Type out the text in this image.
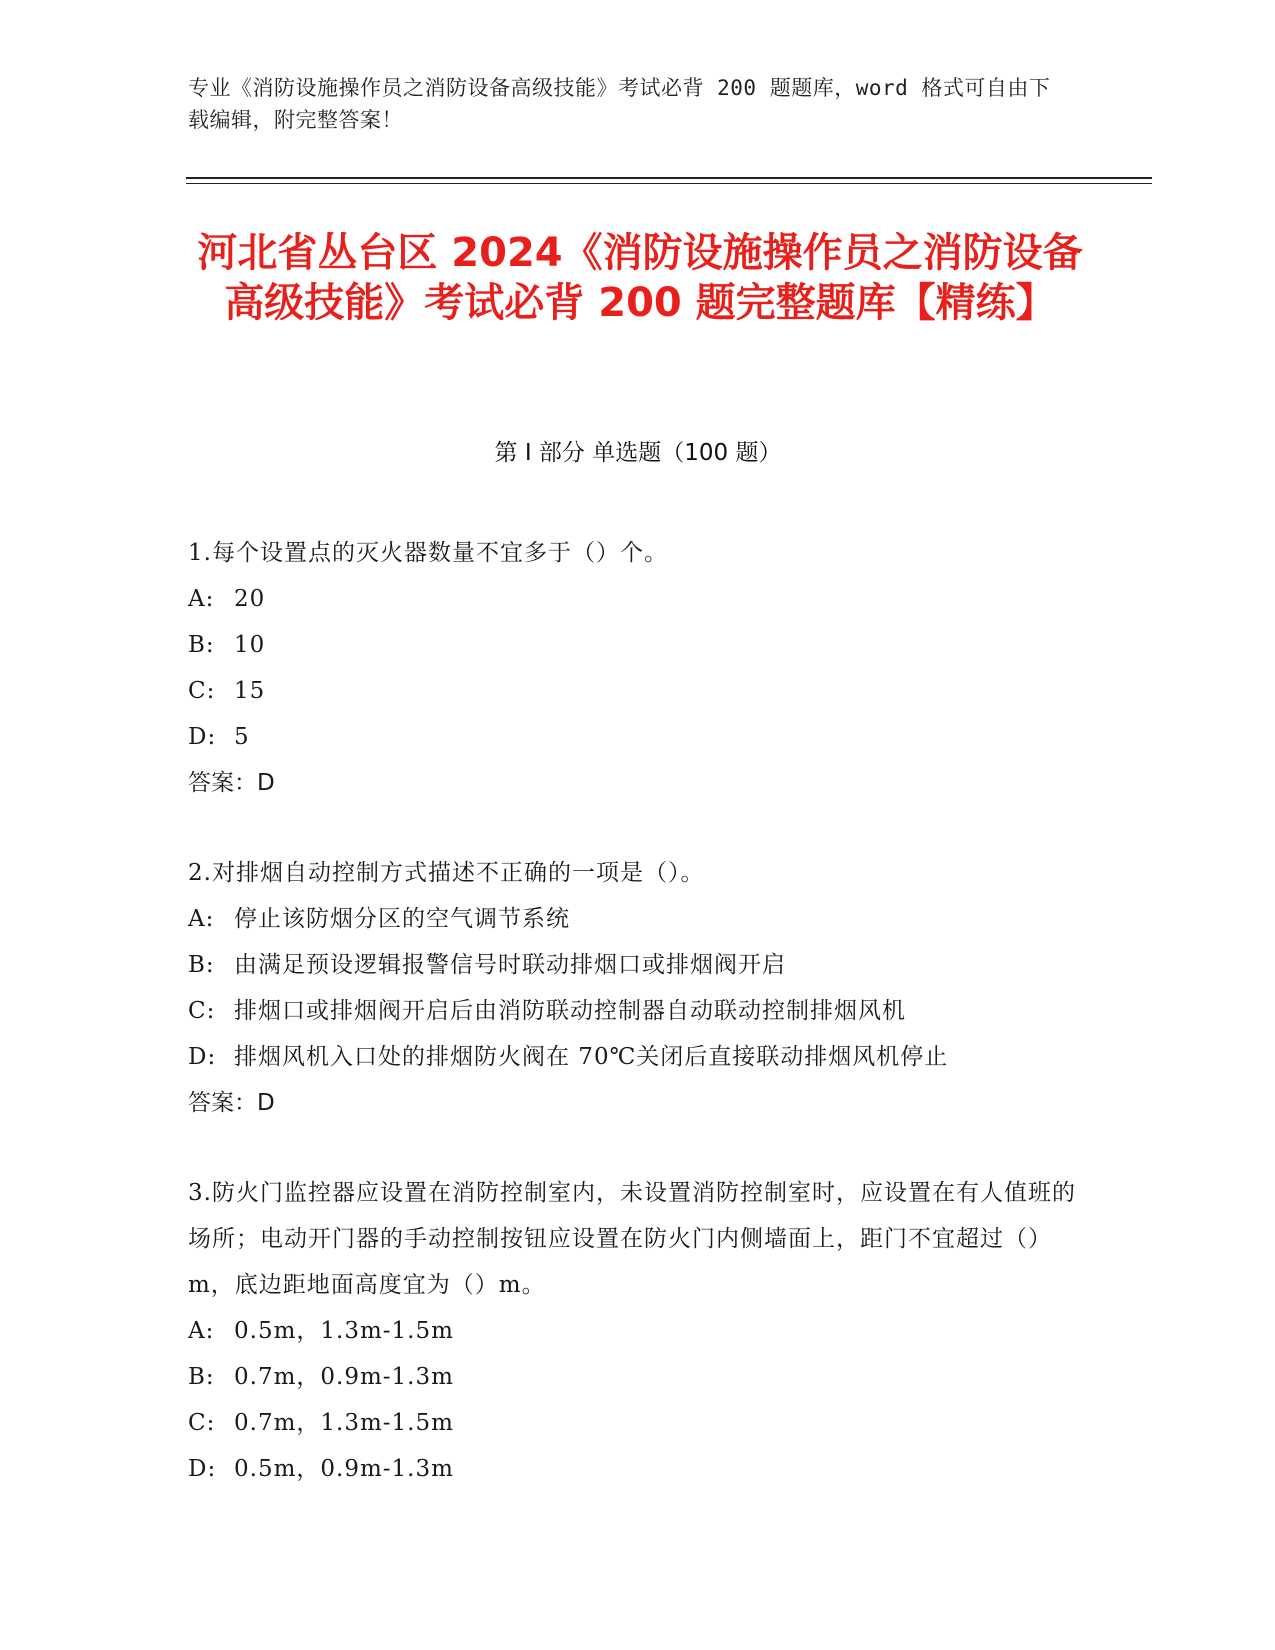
专业《消防设施操作员之消防设备高级技能》考试必背 200 题题库，word 格式可自由下载编辑，附完整答案！
河北省丛台区 2024《消防设施操作员之消防设备高级技能》考试必背 200 题完整题库【精练】
第 I 部分 单选题（100 题）
1.每个设置点的灭火器数量不宜多于（）个。
A: 20
B: 10
C: 15
D: 5
答案：D
2.对排烟自动控制方式描述不正确的一项是（）。
A: 停止该防烟分区的空气调节系统
B: 由满足预设逻辑报警信号时联动排烟口或排烟阀开启
C: 排烟口或排烟阀开启后由消防联动控制器自动联动控制排烟风机
D: 排烟风机入口处的排烟防火阀在 70℃关闭后直接联动排烟风机停止
答案：D
3.防火门监控器应设置在消防控制室内，未设置消防控制室时，应设置在有人值班的场所；电动开门器的手动控制按钮应设置在防火门内侧墙面上，距门不宜超过（）m，底边距地面高度宜为（）m。
A: 0.5m，1.3m-1.5m
B: 0.7m，0.9m-1.3m
C: 0.7m，1.3m-1.5m
D: 0.5m，0.9m-1.3m
